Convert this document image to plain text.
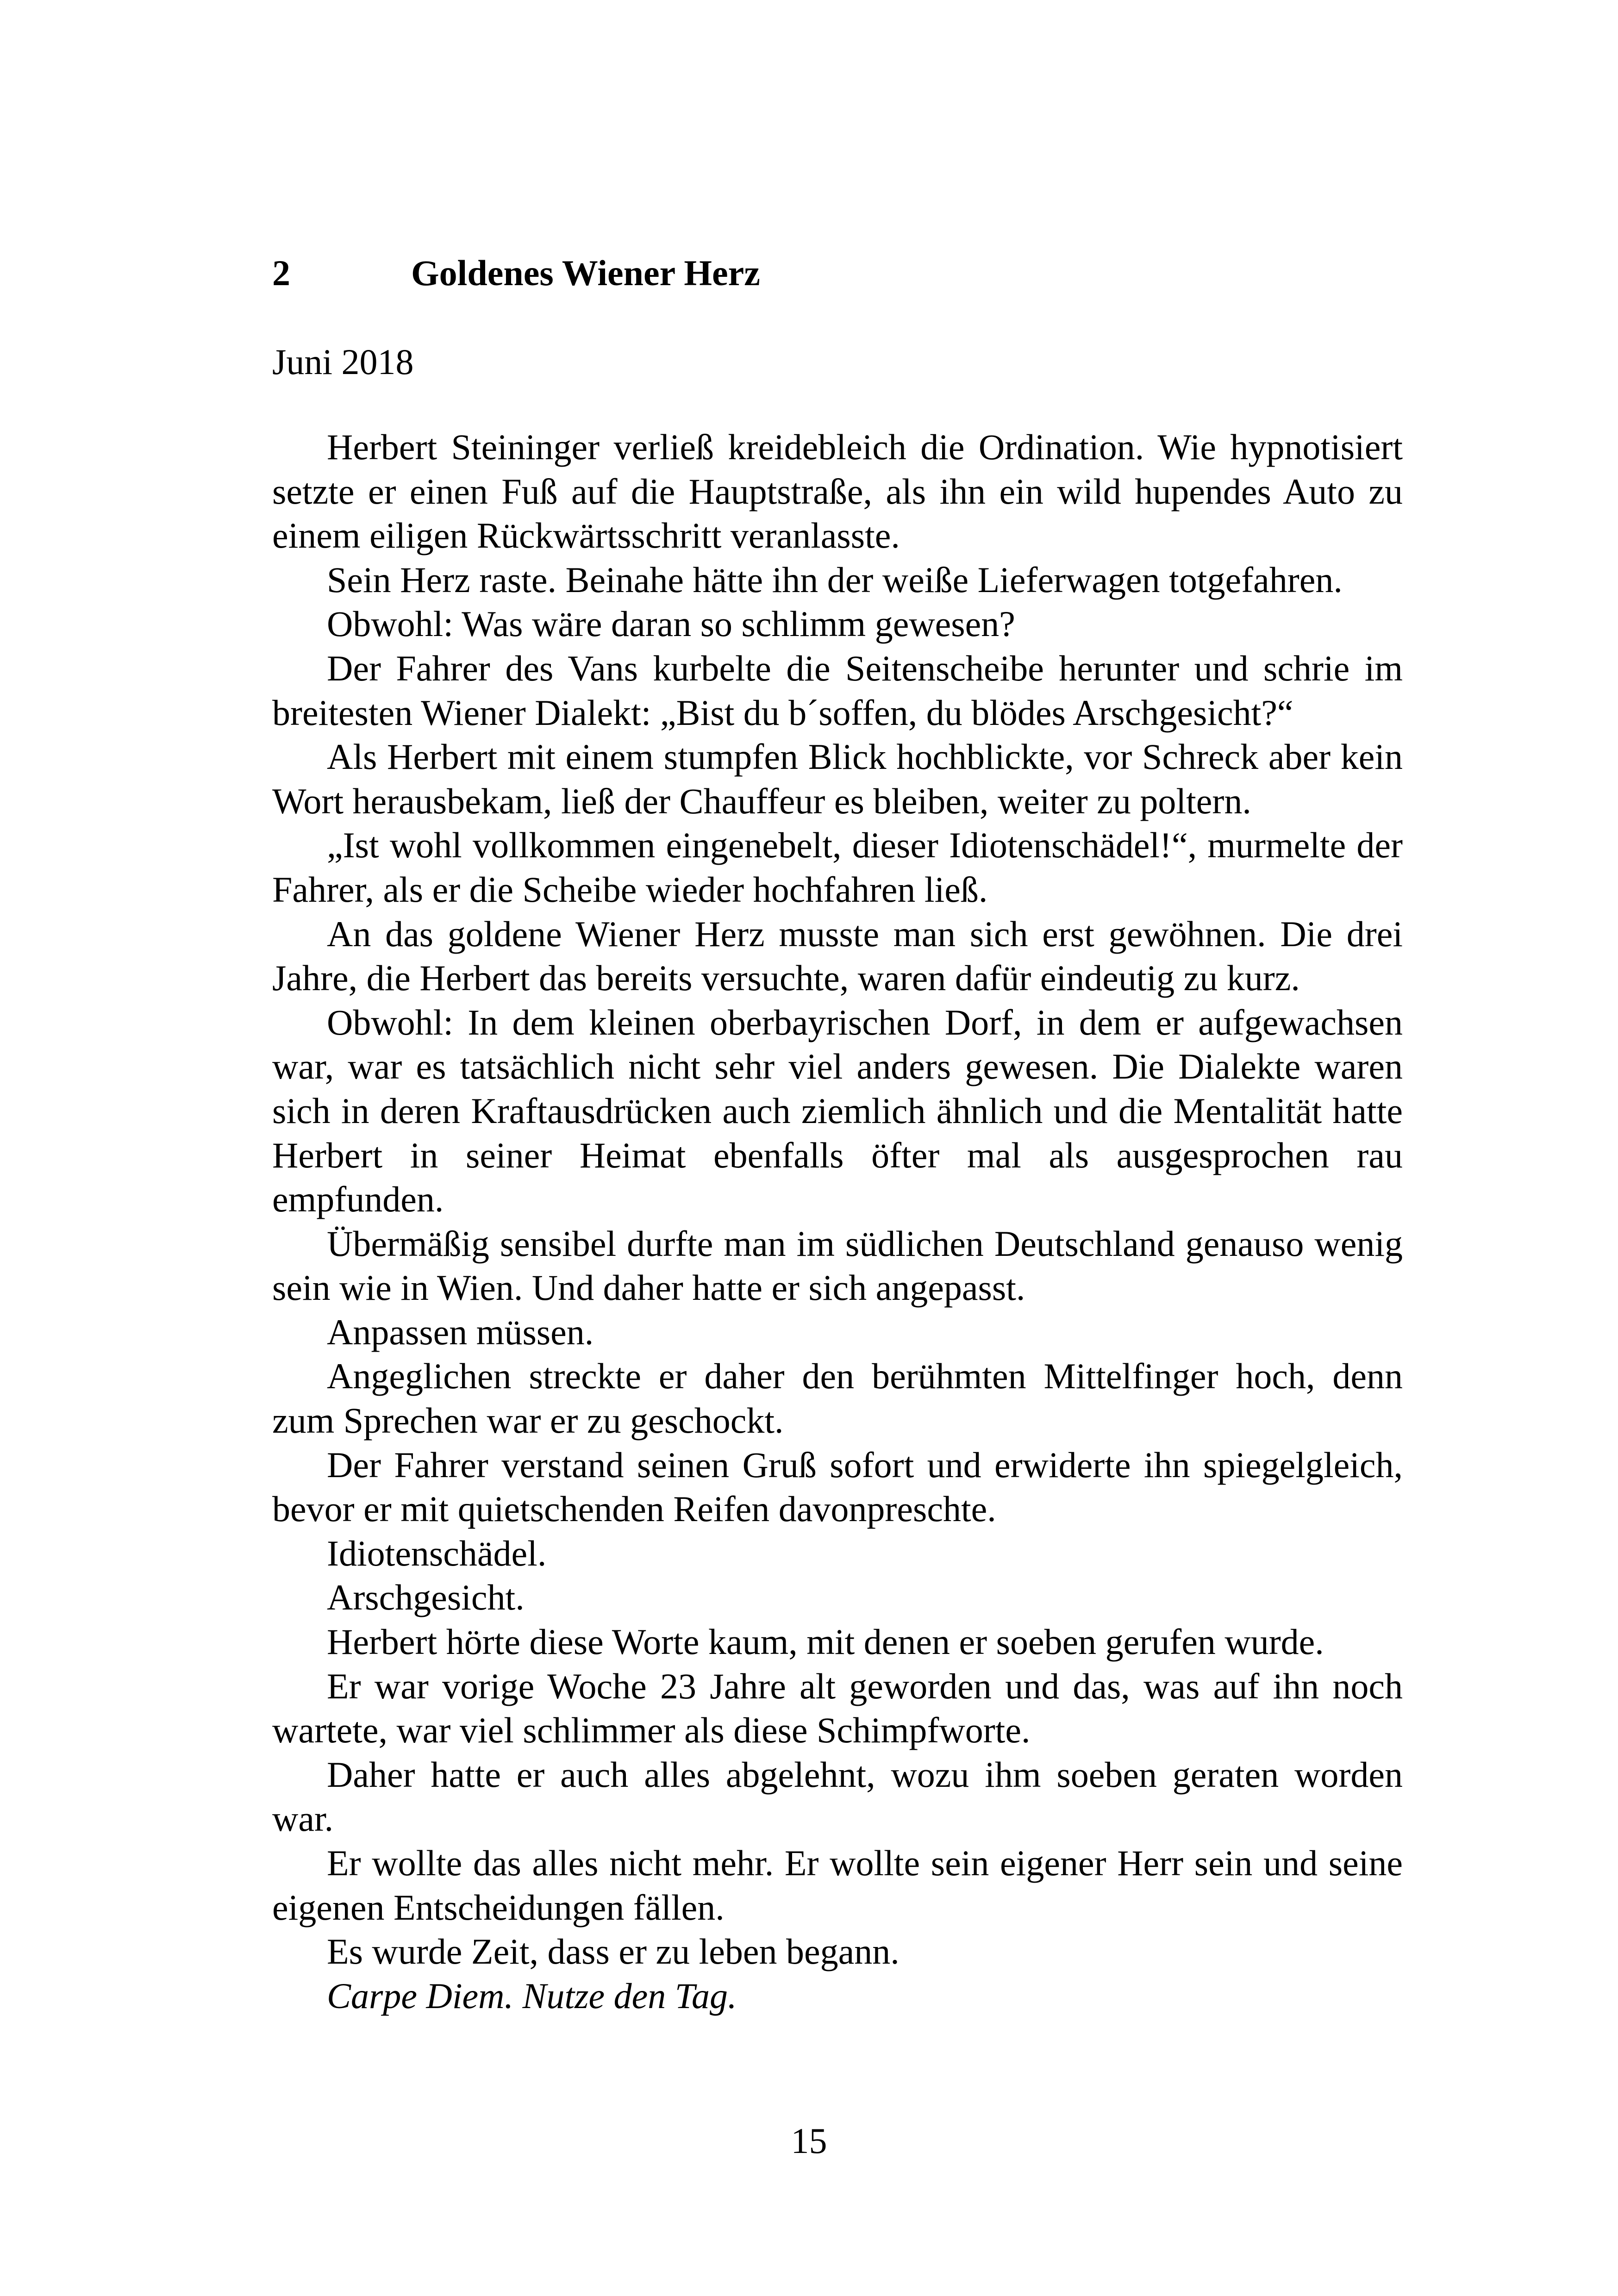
2	Goldenes Wiener Herz

Juni 2018

Herbert Steininger verließ kreidebleich die Ordination. Wie hypnotisiert setzte er einen Fuß auf die Hauptstraße, als ihn ein wild hupendes Auto zu einem eiligen Rückwärtsschritt veranlasste.

Sein Herz raste. Beinahe hätte ihn der weiße Lieferwagen totgefahren.

Obwohl: Was wäre daran so schlimm gewesen?

Der Fahrer des Vans kurbelte die Seitenscheibe herunter und schrie im breitesten Wiener Dialekt: „Bist du b´soffen, du blödes Arschgesicht?“

Als Herbert mit einem stumpfen Blick hochblickte, vor Schreck aber kein Wort herausbekam, ließ der Chauffeur es bleiben, weiter zu poltern.

„Ist wohl vollkommen eingenebelt, dieser Idiotenschädel!“, murmelte der Fahrer, als er die Scheibe wieder hochfahren ließ.

An das goldene Wiener Herz musste man sich erst gewöhnen. Die drei Jahre, die Herbert das bereits versuchte, waren dafür eindeutig zu kurz.

Obwohl: In dem kleinen oberbayrischen Dorf, in dem er aufgewachsen war, war es tatsächlich nicht sehr viel anders gewesen. Die Dialekte waren sich in deren Kraftausdrücken auch ziemlich ähnlich und die Mentalität hatte Herbert in seiner Heimat ebenfalls öfter mal als ausgesprochen rau empfunden.

Übermäßig sensibel durfte man im südlichen Deutschland genauso wenig sein wie in Wien. Und daher hatte er sich angepasst.

Anpassen müssen.

Angeglichen streckte er daher den berühmten Mittelfinger hoch, denn zum Sprechen war er zu geschockt.

Der Fahrer verstand seinen Gruß sofort und erwiderte ihn spiegelgleich, bevor er mit quietschenden Reifen davonpreschte.

Idiotenschädel.

Arschgesicht.

Herbert hörte diese Worte kaum, mit denen er soeben gerufen wurde.

Er war vorige Woche 23 Jahre alt geworden und das, was auf ihn noch wartete, war viel schlimmer als diese Schimpfworte.

Daher hatte er auch alles abgelehnt, wozu ihm soeben geraten worden war.

Er wollte das alles nicht mehr. Er wollte sein eigener Herr sein und seine eigenen Entscheidungen fällen.

Es wurde Zeit, dass er zu leben begann.

Carpe Diem. Nutze den Tag.

15
